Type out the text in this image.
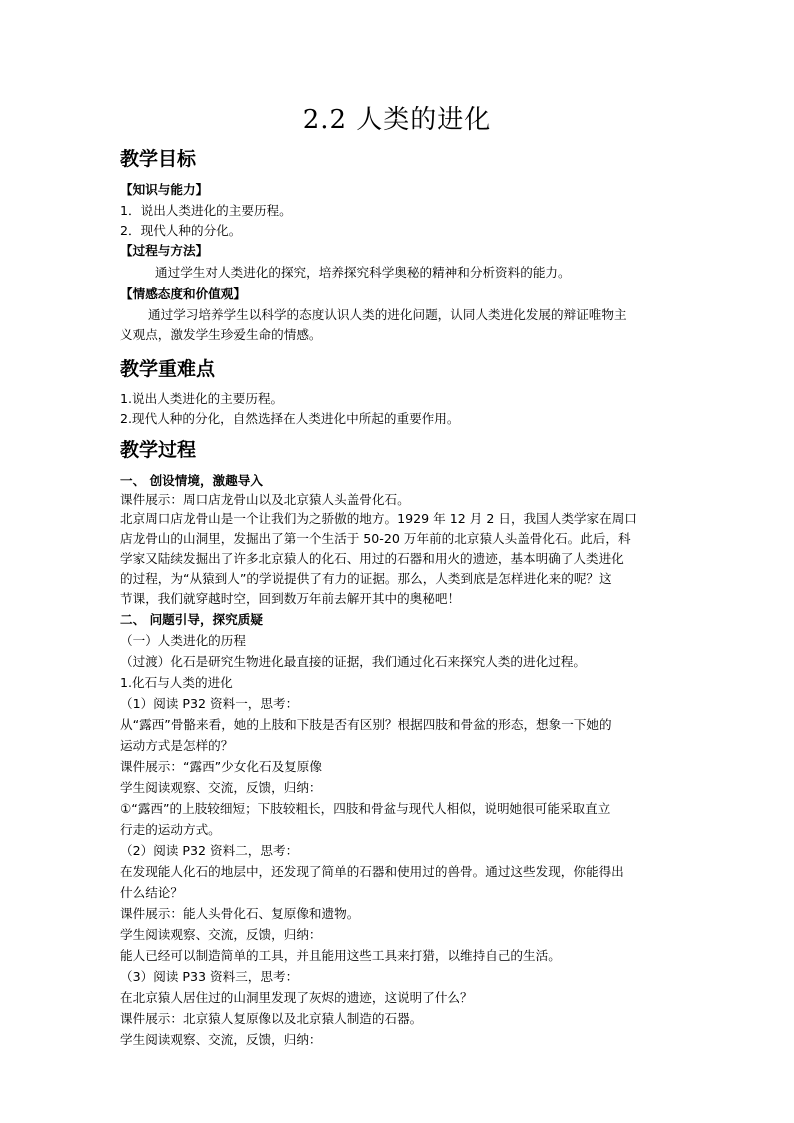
2.2 人类的进化
教学目标
【知识与能力】
1．说出人类进化的主要历程。
2．现代人种的分化。
【过程与方法】
通过学生对人类进化的探究，培养探究科学奥秘的精神和分析资料的能力。
【情感态度和价值观】
通过学习培养学生以科学的态度认识人类的进化问题，认同人类进化发展的辩证唯物主
义观点，激发学生珍爱生命的情感。
教学重难点
1.说出人类进化的主要历程。
2.现代人种的分化，自然选择在人类进化中所起的重要作用。
教学过程
一、 创设情境，激趣导入
课件展示：周口店龙骨山以及北京猿人头盖骨化石。
北京周口店龙骨山是一个让我们为之骄傲的地方。1929 年 12 月 2 日，我国人类学家在周口
店龙骨山的山洞里，发掘出了第一个生活于 50-20 万年前的北京猿人头盖骨化石。此后，科
学家又陆续发掘出了许多北京猿人的化石、用过的石器和用火的遗迹，基本明确了人类进化
的过程，为“从猿到人”的学说提供了有力的证据。那么，人类到底是怎样进化来的呢？这
节课，我们就穿越时空，回到数万年前去解开其中的奥秘吧！
二、 问题引导，探究质疑
（一）人类进化的历程
（过渡）化石是研究生物进化最直接的证据，我们通过化石来探究人类的进化过程。
1.化石与人类的进化
（1）阅读 P32 资料一，思考：
从“露西”骨骼来看，她的上肢和下肢是否有区别？根据四肢和骨盆的形态，想象一下她的
运动方式是怎样的？
课件展示：“露西”少女化石及复原像
学生阅读观察、交流，反馈，归纳：
①“露西”的上肢较细短；下肢较粗长，四肢和骨盆与现代人相似，说明她很可能采取直立
行走的运动方式。
（2）阅读 P32 资料二，思考：
在发现能人化石的地层中，还发现了简单的石器和使用过的兽骨。通过这些发现，你能得出
什么结论？
课件展示：能人头骨化石、复原像和遗物。
学生阅读观察、交流，反馈，归纳：
能人已经可以制造简单的工具，并且能用这些工具来打猎，以维持自己的生活。
（3）阅读 P33 资料三，思考：
在北京猿人居住过的山洞里发现了灰烬的遗迹，这说明了什么？
课件展示：北京猿人复原像以及北京猿人制造的石器。
学生阅读观察、交流，反馈，归纳：
